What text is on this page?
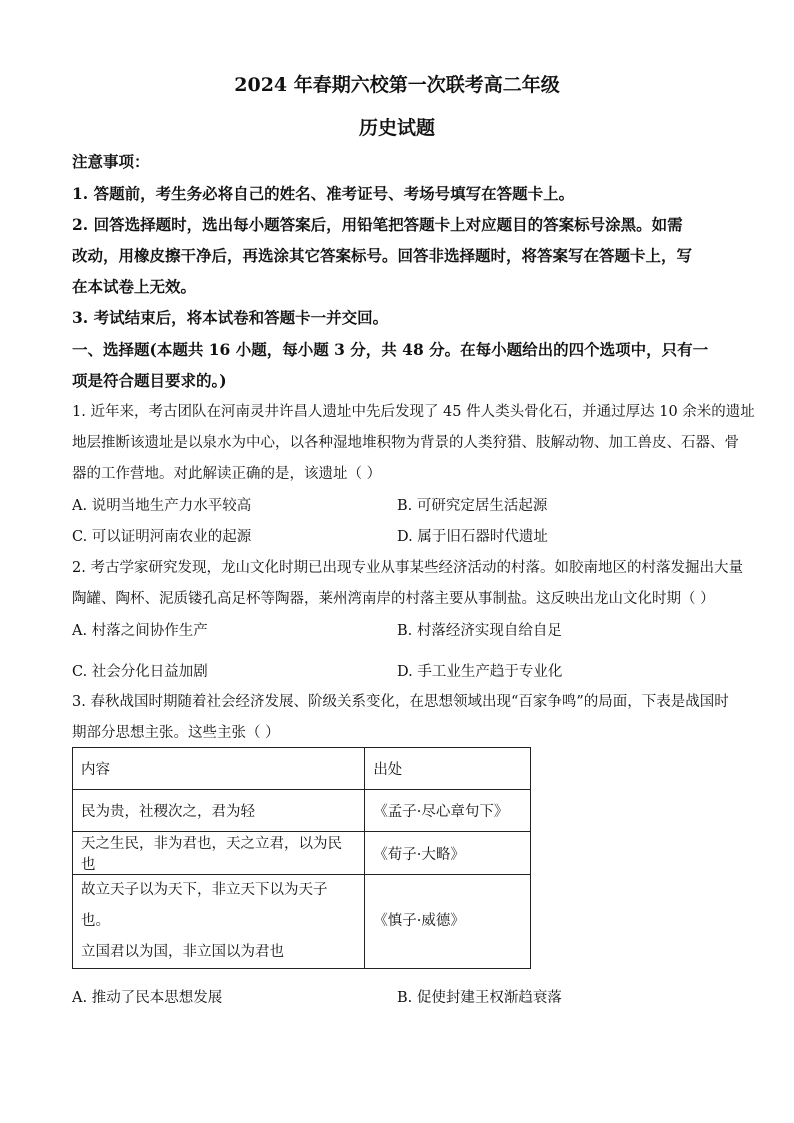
2024 年春期六校第一次联考高二年级
历史试题
注意事项：
1. 答题前，考生务必将自己的姓名、准考证号、考场号填写在答题卡上。
2. 回答选择题时，选出每小题答案后，用铅笔把答题卡上对应题目的答案标号涂黑。如需
改动，用橡皮擦干净后，再选涂其它答案标号。回答非选择题时，将答案写在答题卡上，写
在本试卷上无效。
3. 考试结束后，将本试卷和答题卡一并交回。
一、选择题(本题共 16 小题，每小题 3 分，共 48 分。在每小题给出的四个选项中，只有一
项是符合题目要求的。)
1. 近年来，考古团队在河南灵井许昌人遗址中先后发现了 45 件人类头骨化石，并通过厚达 10 余米的遗址
地层推断该遗址是以泉水为中心，以各种湿地堆积物为背景的人类狩猎、肢解动物、加工兽皮、石器、骨
器的工作营地。对此解读正确的是，该遗址（ ）
A. 说明当地生产力水平较高	B. 可研究定居生活起源
C. 可以证明河南农业的起源	D. 属于旧石器时代遗址
2. 考古学家研究发现，龙山文化时期已出现专业从事某些经济活动的村落。如胶南地区的村落发掘出大量
陶罐、陶杯、泥质镂孔高足杯等陶器，莱州湾南岸的村落主要从事制盐。这反映出龙山文化时期（ ）
A. 村落之间协作生产	B. 村落经济实现自给自足
C. 社会分化日益加剧	D. 手工业生产趋于专业化
3. 春秋战国时期随着社会经济发展、阶级关系变化，在思想领域出现“百家争鸣”的局面，下表是战国时
期部分思想主张。这些主张（ ）
内容	出处
民为贵，社稷次之，君为轻	《孟子·尽心章句下》
天之生民，非为君也，天之立君，以为民也	《荀子·大略》

故立天子以为天下，非立天下以为天子也。
立国君以为国，非立国以为君也	《慎子·威德》
A. 推动了民本思想发展	B. 促使封建王权渐趋衰落
